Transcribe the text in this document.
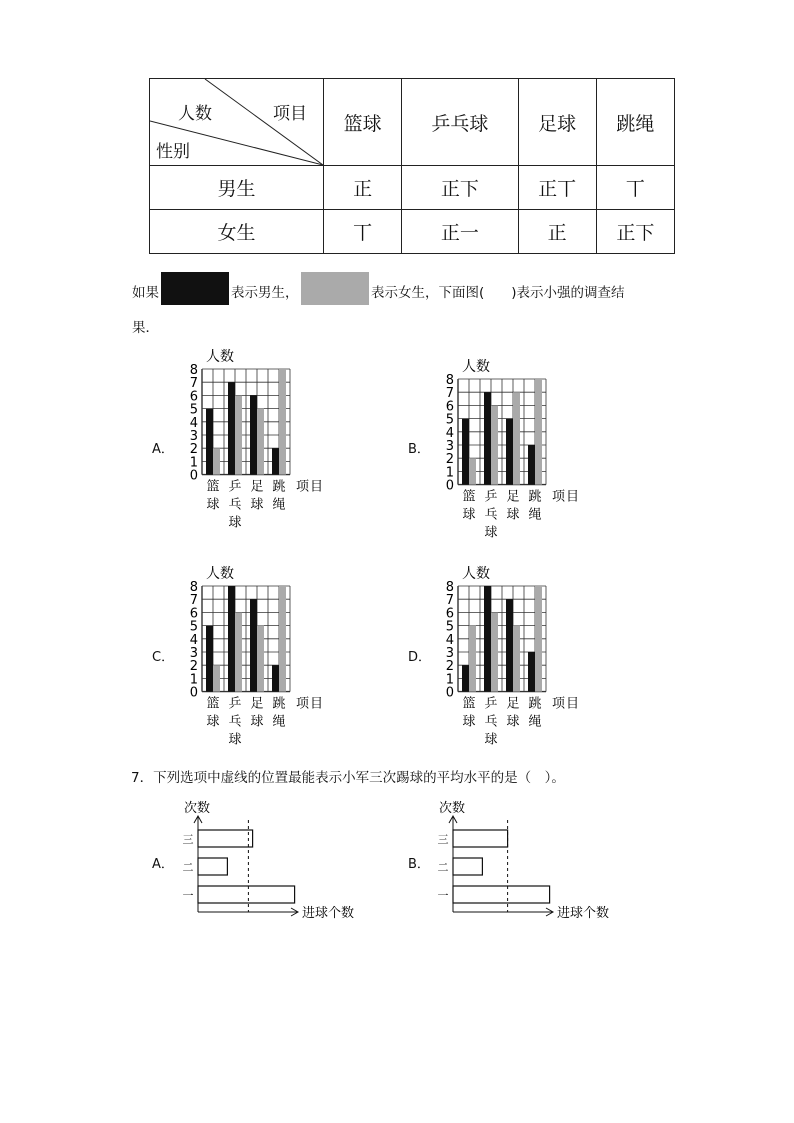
人数 项目
性别	篮球	乒乓球	足球	跳绳
男生	正	正下	正丅	丅
女生	丅	正一	正	正下
如果	表示男生，	表示女生，下面图(　　)表示小强的调查结
果．
A．	B．
C．	D．
篮
球
乒
乓
球
足
球
跳
绳
0
1
2
3
4
5
6
7
8
人数
项 目
篮
球
乒
乓
球
足
球
跳
绳
0
1
2
3
4
5
6
7
8
人数
项 目
篮
球
乒
乓
球
足
球
跳
绳
0
1
2
3
4
5
6
7
8
人数
项 目	篮
球
乒
乓
球
足
球
跳
绳
0
1
2
3
4
5
6
7
8
人数
项 目
7．下列选项中虚线的位置最能表示小军三次踢球的平均水平的是（　）。
A．	B．
次数
进球个数
三
二
一
次数
进球个数
三
二
一
